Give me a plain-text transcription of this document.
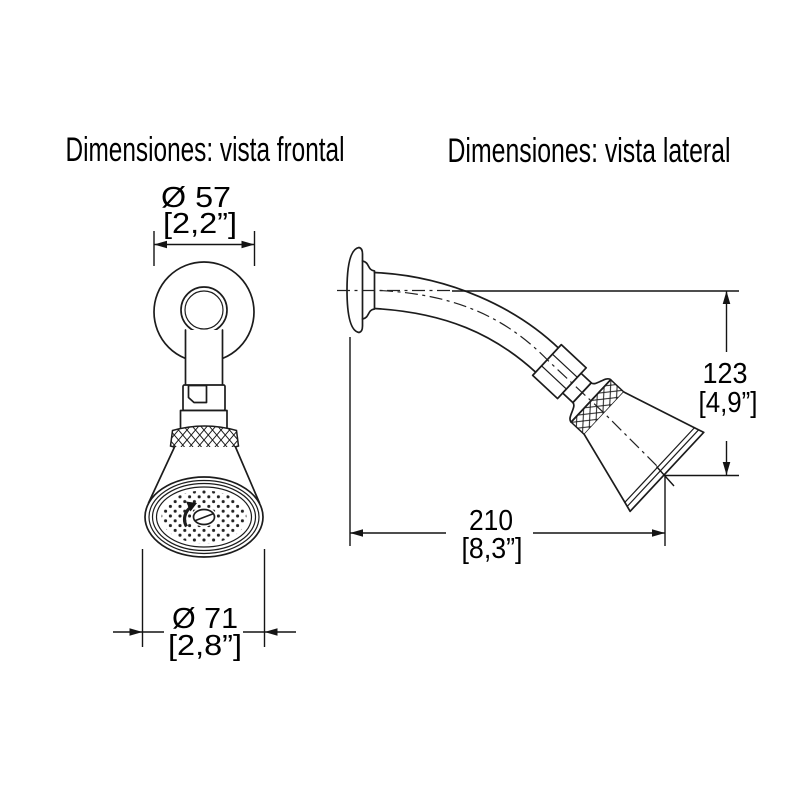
Dimensiones: vista frontal
Ø 57
[2,2”]
Ø 71
[2,8”]
Dimensiones: vista lateral
123
[4,9”]
210
[8,3”]
